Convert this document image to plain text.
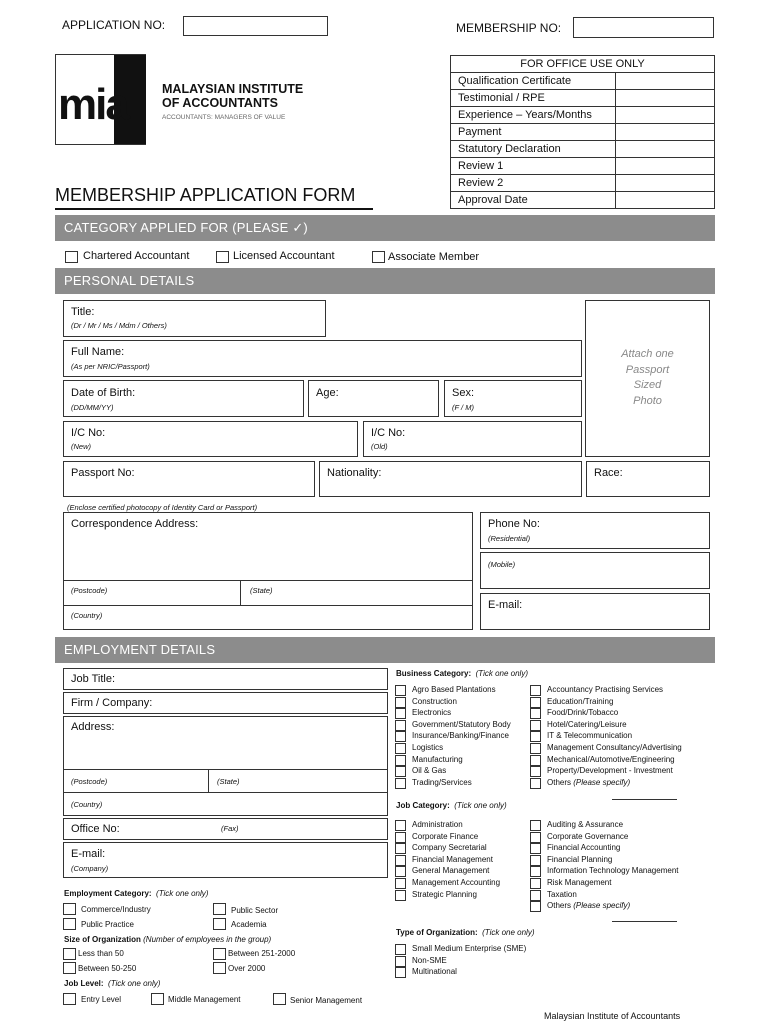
APPLICATION NO:	MEMBERSHIP NO:
mia	MALAYSIAN INSTITUTE
OF ACCOUNTANTS
ACCOUNTANTS: MANAGERS OF VALUE
MEMBERSHIP APPLICATION FORM
FOR OFFICE USE ONLY	
Qualification Certificate	
Testimonial / RPE	
Experience – Years/Months	
Payment	
Statutory Declaration	
Review 1	
Review 2	
Approval Date	
CATEGORY APPLIED FOR (PLEASE ✓)
Chartered Accountant	Licensed Accountant	Associate Member
PERSONAL DETAILS
Title:
(Dr / Mr / Ms / Mdm / Others)
Attach one
Passport
Sized
Photo
Full Name:
(As per NRIC/Passport)
Date of Birth:
(DD/MM/YY)
Age:	Sex:
(F / M)
I/C No:
(New)
I/C No:
(Old)
Passport No:	Nationality:	Race:
(Enclose certified photocopy of Identity Card or Passport)
Correspondence Address:
(Postcode)	(State)
(Country)
Phone No:
(Residential)
(Mobile)
E-mail:
EMPLOYMENT DETAILS
Job Title:
Firm / Company:
Address:
(Postcode)	(State)
(Country)
Office No:	(Fax)
E-mail:
(Company)
Employment Category: (Tick one only)
Commerce/Industry	Public Sector
Public Practice	Academia
Size of Organization (Number of employees in the group)
Less than 50	Between 251-2000
Between 50-250	Over 2000
Job Level: (Tick one only)
Entry Level	Middle Management	Senior Management
Business Category: (Tick one only)
Agro Based Plantations
Construction
Electronics
Government/Statutory Body
Insurance/Banking/Finance
Logistics
Manufacturing
Oil & Gas
Trading/Services
Accountancy Practising Services
Education/Training
Food/Drink/Tobacco
Hotel/Catering/Leisure
IT & Telecommunication
Management Consultancy/Advertising
Mechanical/Automotive/Engineering
Property/Development - Investment
Others (Please specify)
Job Category: (Tick one only)
Administration
Corporate Finance
Company Secretarial
Financial Management
General Management
Management Accounting
Strategic Planning
Auditing & Assurance
Corporate Governance
Financial Accounting
Financial Planning
Information Technology Management
Risk Management
Taxation
Others (Please specify)
Type of Organization: (Tick one only)
Small Medium Enterprise (SME)
Non-SME
Multinational
Malaysian Institute of Accountants
